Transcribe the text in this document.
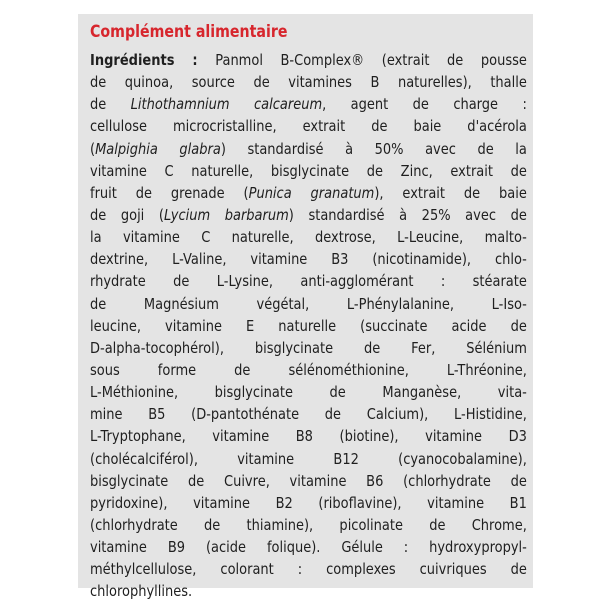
Complément alimentaire
Ingrédients : Panmol B-Complex® (extrait de pousse
de quinoa, source de vitamines B naturelles), thalle
de Lithothamnium calcareum, agent de charge :
cellulose microcristalline, extrait de baie d'acérola
(Malpighia glabra) standardisé à 50% avec de la
vitamine C naturelle, bisglycinate de Zinc, extrait de
fruit de grenade (Punica granatum), extrait de baie
de goji (Lycium barbarum) standardisé à 25% avec de
la vitamine C naturelle, dextrose, L-Leucine, malto-
dextrine, L-Valine, vitamine B3 (nicotinamide), chlo-
rhydrate de L-Lysine, anti-agglomérant : stéarate
de Magnésium végétal, L-Phénylalanine, L-Iso-
leucine, vitamine E naturelle (succinate acide de
D-alpha-tocophérol), bisglycinate de Fer, Sélénium
sous forme de sélénométhionine, L-Thréonine,
L-Méthionine, bisglycinate de Manganèse, vita-
mine B5 (D-pantothénate de Calcium), L-Histidine,
L-Tryptophane, vitamine B8 (biotine), vitamine D3
(cholécalciférol), vitamine B12 (cyanocobalamine),
bisglycinate de Cuivre, vitamine B6 (chlorhydrate de
pyridoxine), vitamine B2 (riboflavine), vitamine B1
(chlorhydrate de thiamine), picolinate de Chrome,
vitamine B9 (acide folique). Gélule : hydroxypropyl-
méthylcellulose, colorant : complexes cuivriques de
chlorophyllines.
